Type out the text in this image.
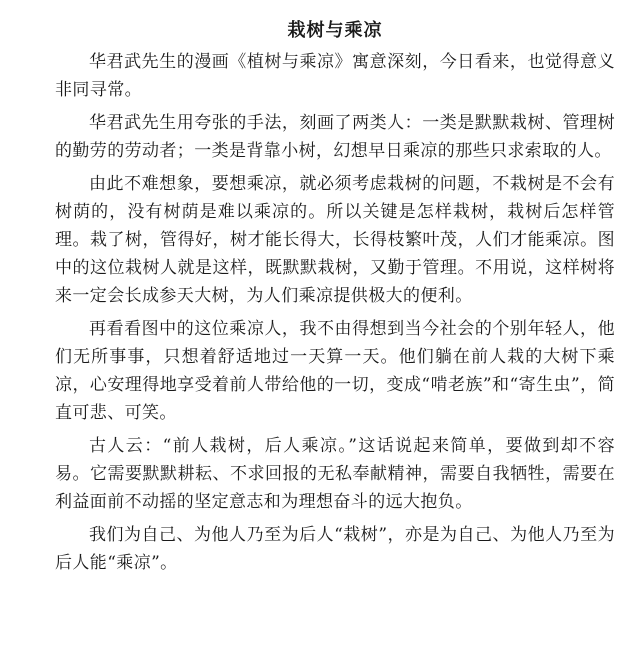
栽树与乘凉

华君武先生的漫画《植树与乘凉》寓意深刻，今日看来，也觉得意义非同寻常。

华君武先生用夸张的手法，刻画了两类人：一类是默默栽树、管理树的勤劳的劳动者；一类是背靠小树，幻想早日乘凉的那些只求索取的人。

由此不难想象，要想乘凉，就必须考虑栽树的问题，不栽树是不会有树荫的，没有树荫是难以乘凉的。所以关键是怎样栽树，栽树后怎样管理。栽了树，管得好，树才能长得大，长得枝繁叶茂，人们才能乘凉。图中的这位栽树人就是这样，既默默栽树，又勤于管理。不用说，这样树将来一定会长成参天大树，为人们乘凉提供极大的便利。

再看看图中的这位乘凉人，我不由得想到当今社会的个别年轻人，他们无所事事，只想着舒适地过一天算一天。他们躺在前人栽的大树下乘凉，心安理得地享受着前人带给他的一切，变成“啃老族”和“寄生虫”，简直可悲、可笑。

古人云：“前人栽树，后人乘凉。”这话说起来简单，要做到却不容易。它需要默默耕耘、不求回报的无私奉献精神，需要自我牺牲，需要在利益面前不动摇的坚定意志和为理想奋斗的远大抱负。

我们为自己、为他人乃至为后人“栽树”，亦是为自己、为他人乃至为后人能“乘凉”。
